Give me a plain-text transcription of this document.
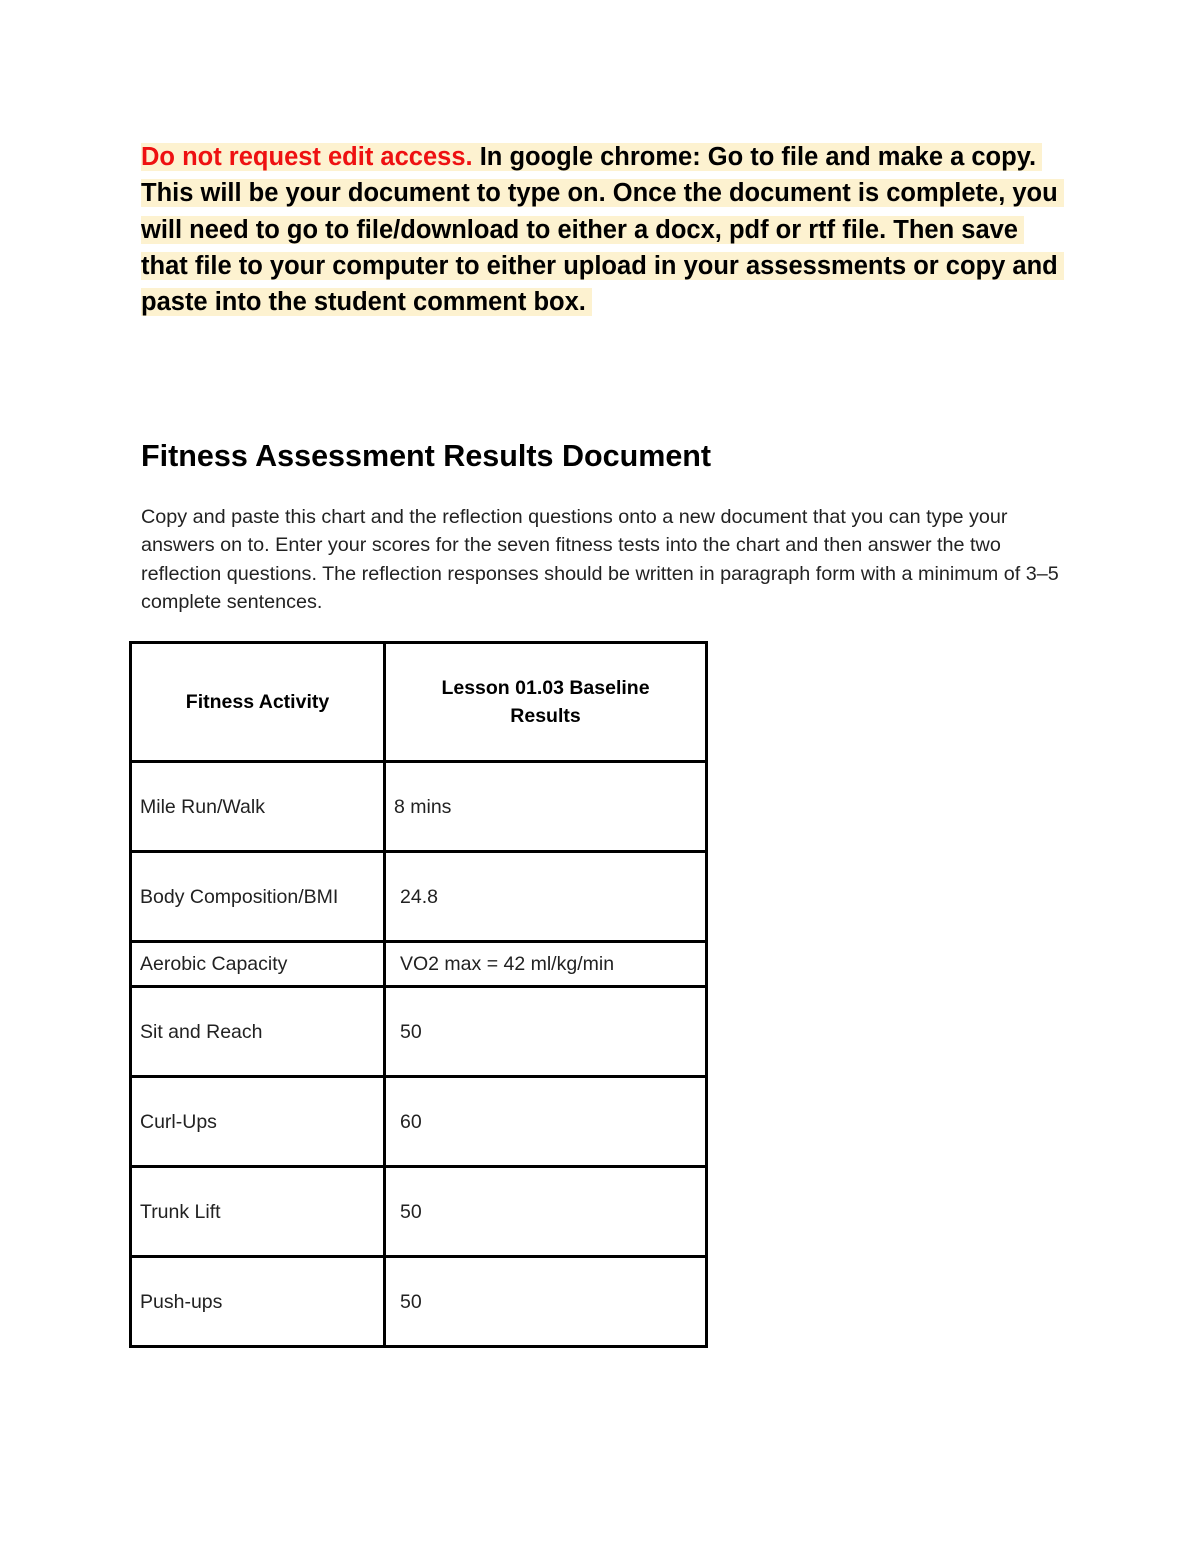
Do not request edit access. In google chrome: Go to file and make a copy. This will be your document to type on. Once the document is complete, you will need to go to file/download to either a docx, pdf or rtf file. Then save that file to your computer to either upload in your assessments or copy and paste into the student comment box.
Fitness Assessment Results Document

Copy and paste this chart and the reflection questions onto a new document that you can type your answers on to. Enter your scores for the seven fitness tests into the chart and then answer the two reflection questions. The reflection responses should be written in paragraph form with a minimum of 3–5 complete sentences.

Fitness Activity	Lesson 01.03 Baseline Results
Mile Run/Walk	8 mins
Body Composition/BMI	24.8
Aerobic Capacity	VO2 max = 42 ml/kg/min
Sit and Reach	50
Curl-Ups	60
Trunk Lift	50
Push-ups	50
